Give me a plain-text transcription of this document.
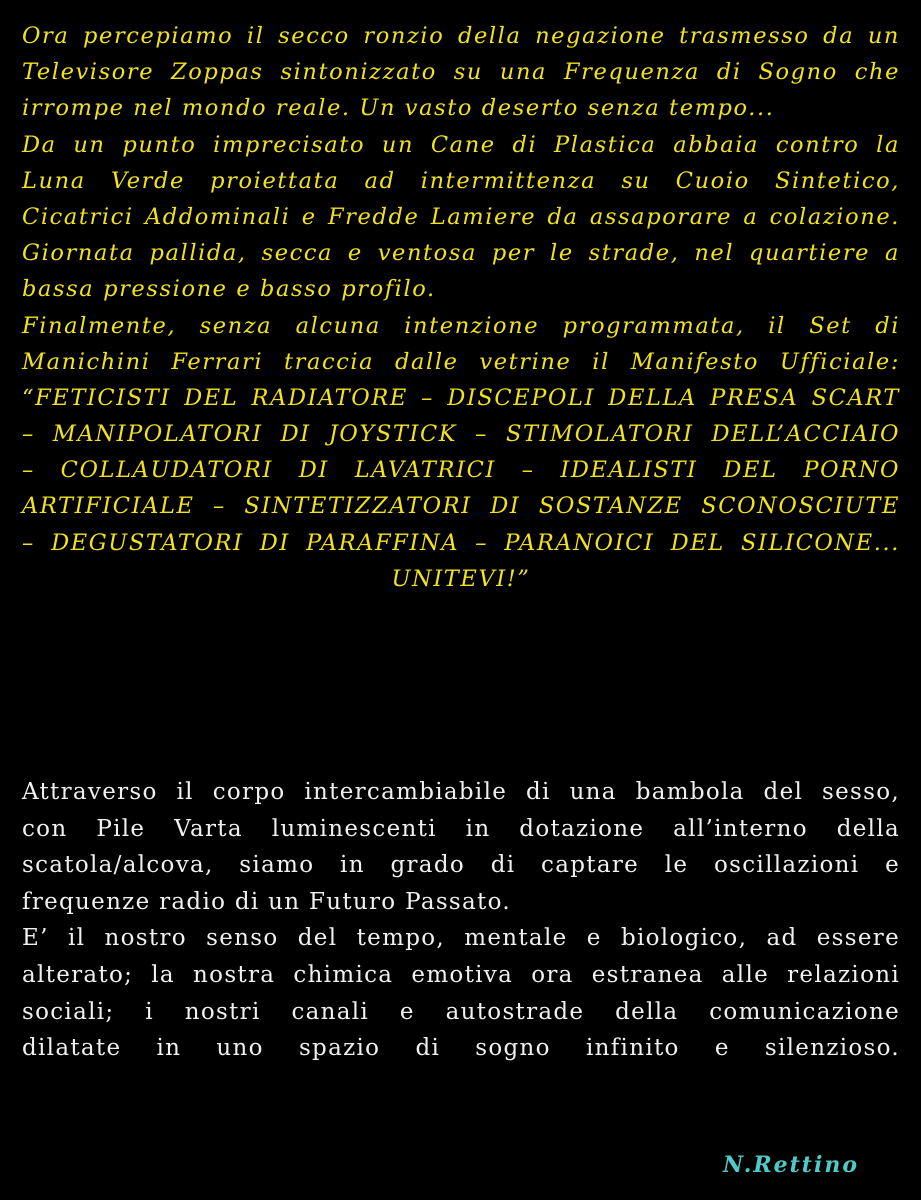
Ora percepiamo il secco ronzio della negazione trasmesso da un
Televisore Zoppas sintonizzato su una Frequenza di Sogno che
irrompe nel mondo reale. Un vasto deserto senza tempo...
Da un punto imprecisato un Cane di Plastica abbaia contro la
Luna Verde proiettata ad intermittenza su Cuoio Sintetico,
Cicatrici Addominali e Fredde Lamiere da assaporare a colazione.
Giornata pallida, secca e ventosa per le strade, nel quartiere a
bassa pressione e basso profilo.
Finalmente, senza alcuna intenzione programmata, il Set di
Manichini Ferrari traccia dalle vetrine il Manifesto Ufficiale:
“FETICISTI DEL RADIATORE – DISCEPOLI DELLA PRESA SCART
– MANIPOLATORI DI JOYSTICK – STIMOLATORI DELL’ACCIAIO
– COLLAUDATORI DI LAVATRICI – IDEALISTI DEL PORNO
ARTIFICIALE – SINTETIZZATORI DI SOSTANZE SCONOSCIUTE
– DEGUSTATORI DI PARAFFINA – PARANOICI DEL SILICONE...
UNITEVI!”
Attraverso il corpo intercambiabile di una bambola del sesso,
con Pile Varta luminescenti in dotazione all’interno della
scatola/alcova, siamo in grado di captare le oscillazioni e
frequenze radio di un Futuro Passato.
E’ il nostro senso del tempo, mentale e biologico, ad essere
alterato; la nostra chimica emotiva ora estranea alle relazioni
sociali; i nostri canali e autostrade della comunicazione
dilatate in uno spazio di sogno infinito e silenzioso.
N.Rettino
